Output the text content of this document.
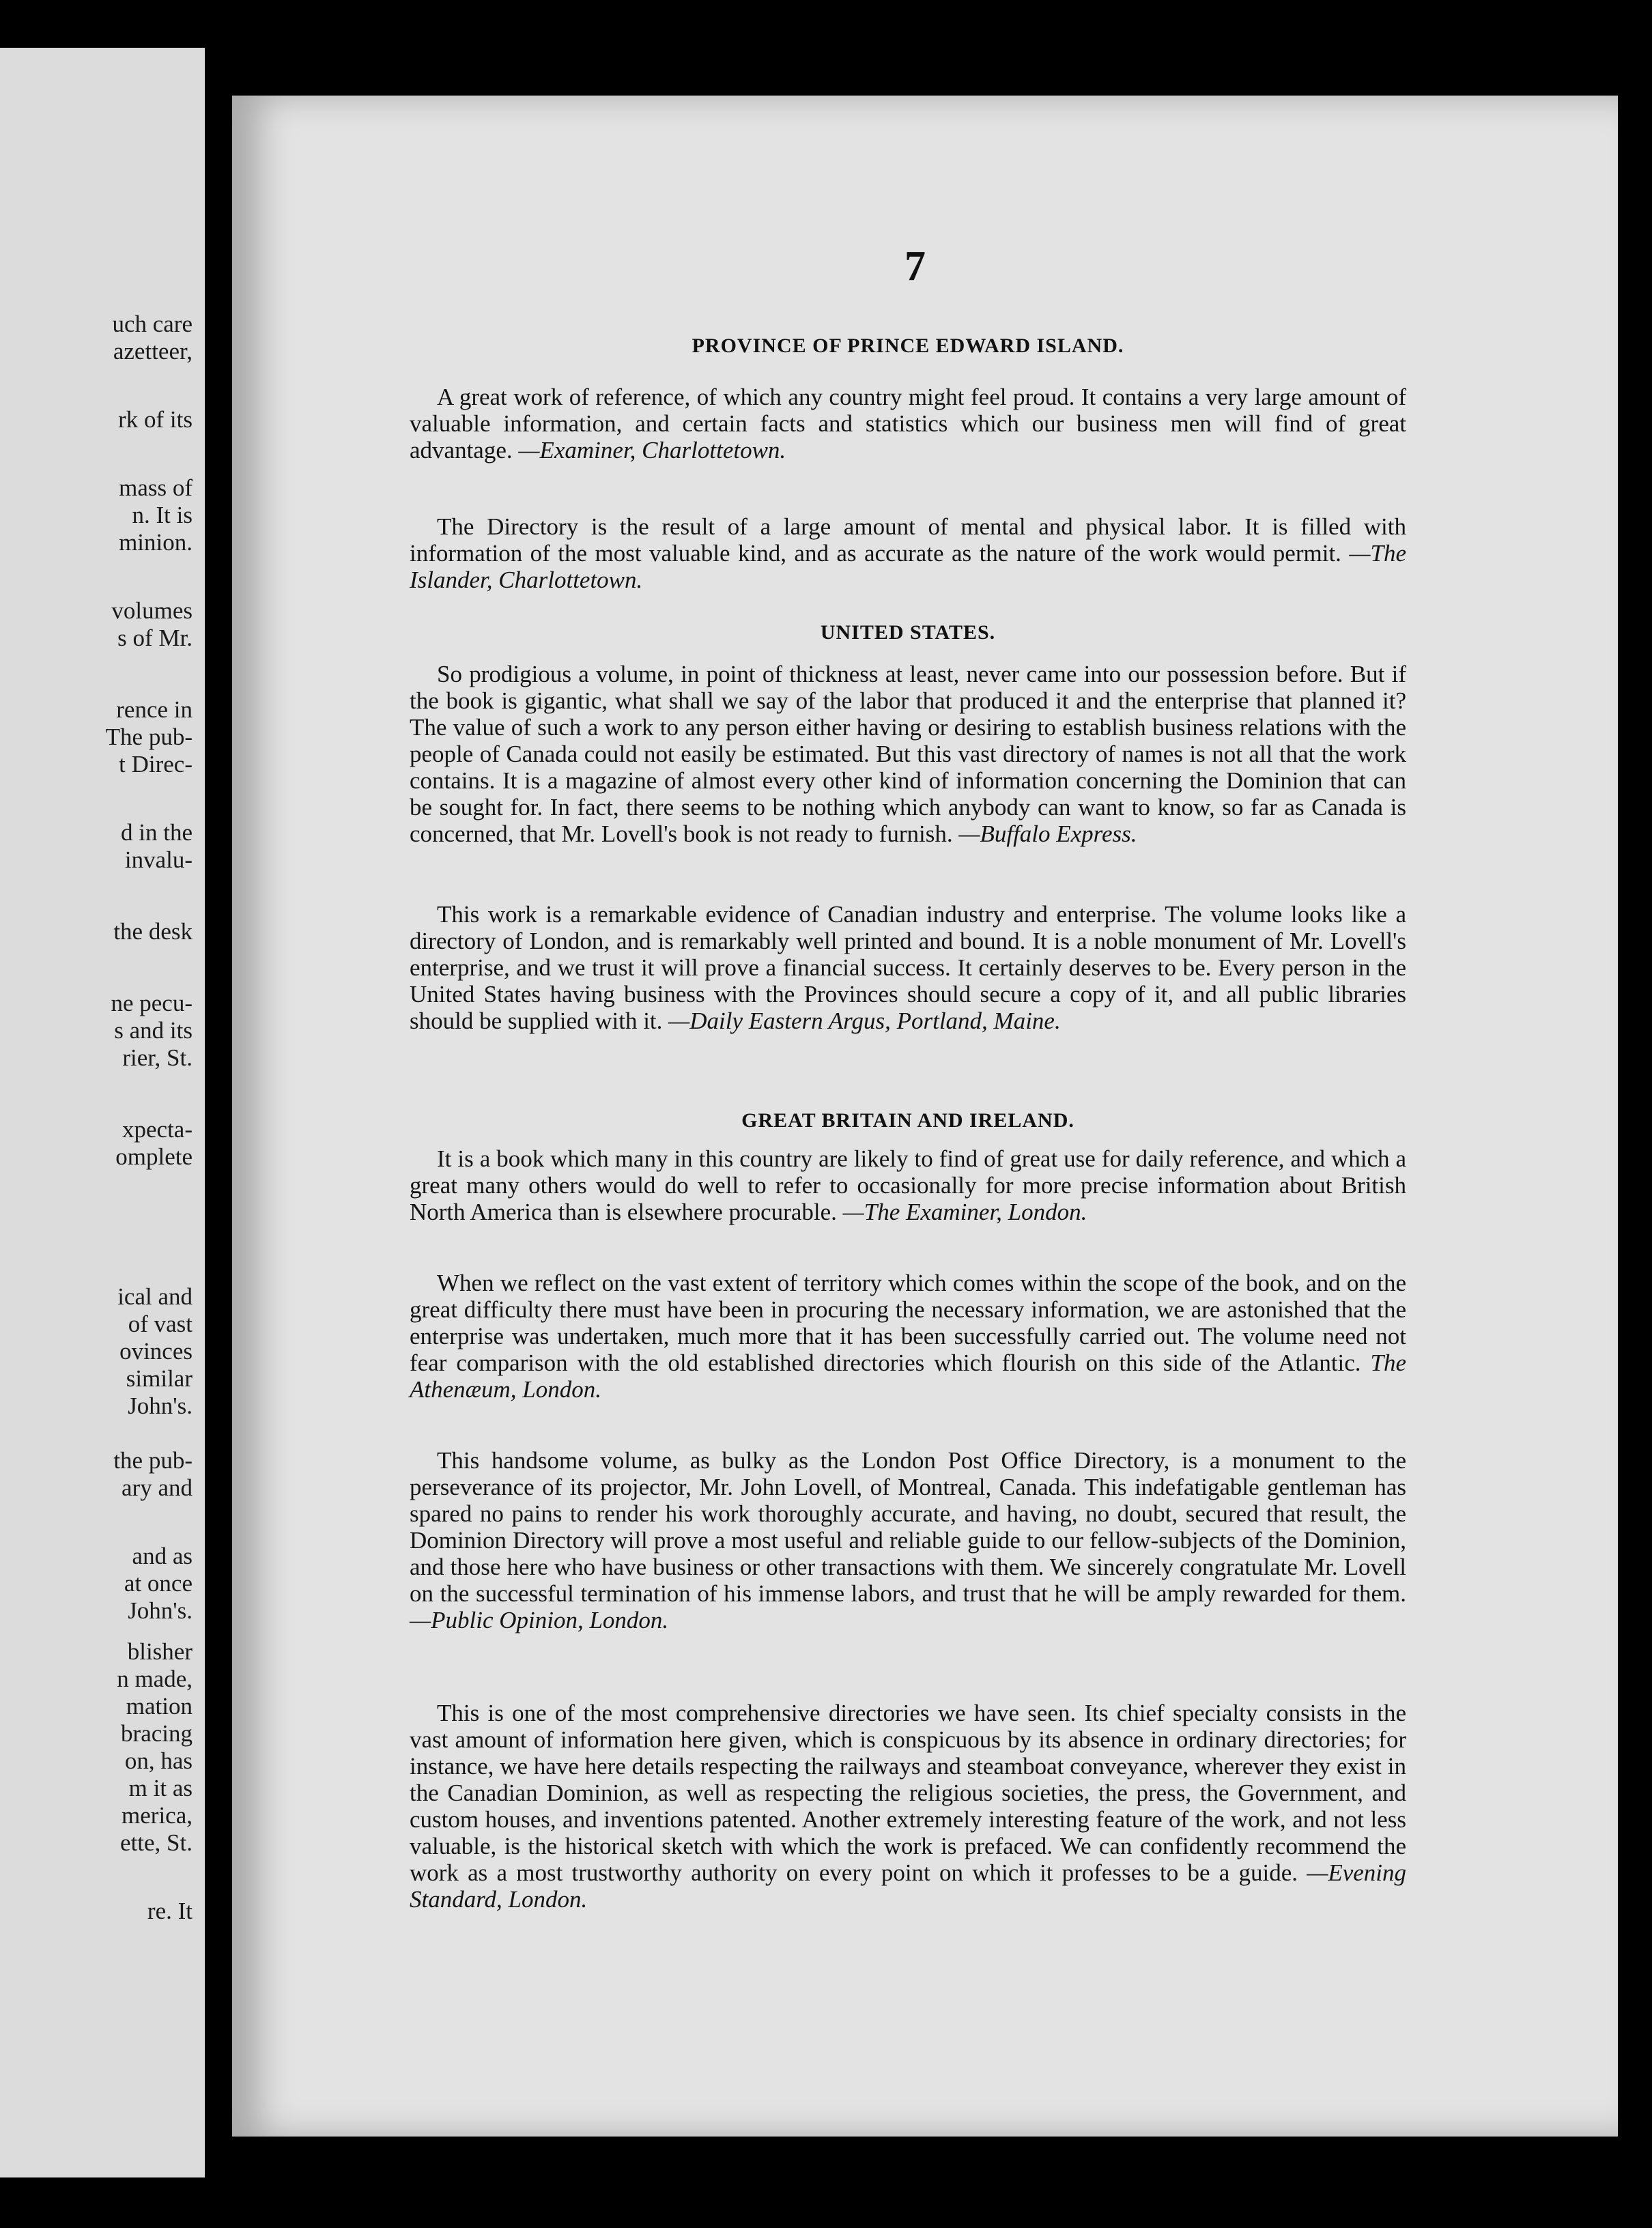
uch care
azetteer,
rk of its
mass of
n. It is
minion.
volumes
s of Mr.
rence in
The pub-
t Direc-
d in the
invalu-
the desk
ne pecu-
s and its
rier, St.
xpecta-
omplete
ical and
of vast
ovinces
similar
John's.
the pub-
ary and
and as
at once
John's.
blisher
n made,
mation
bracing
on, has
m it as
merica,
ette, St.
re. It
7
PROVINCE OF PRINCE EDWARD ISLAND.

A great work of reference, of which any country might feel proud. It contains a very large amount of valuable information, and certain facts and statistics which our business men will find of great advantage. —Examiner, Charlottetown.

The Directory is the result of a large amount of mental and physical labor. It is filled with information of the most valuable kind, and as accurate as the nature of the work would permit. —The Islander, Charlottetown.

UNITED STATES.

So prodigious a volume, in point of thickness at least, never came into our possession before. But if the book is gigantic, what shall we say of the labor that produced it and the enterprise that planned it? The value of such a work to any person either having or desiring to establish business relations with the people of Canada could not easily be estimated. But this vast directory of names is not all that the work contains. It is a magazine of almost every other kind of information concerning the Dominion that can be sought for. In fact, there seems to be nothing which anybody can want to know, so far as Canada is concerned, that Mr. Lovell's book is not ready to furnish. —Buffalo Express.

This work is a remarkable evidence of Canadian industry and enterprise. The volume looks like a directory of London, and is remarkably well printed and bound. It is a noble monument of Mr. Lovell's enterprise, and we trust it will prove a financial success. It certainly deserves to be. Every person in the United States having business with the Provinces should secure a copy of it, and all public libraries should be supplied with it. —Daily Eastern Argus, Portland, Maine.

GREAT BRITAIN AND IRELAND.

It is a book which many in this country are likely to find of great use for daily reference, and which a great many others would do well to refer to occasionally for more precise information about British North America than is elsewhere procurable. —The Examiner, London.

When we reflect on the vast extent of territory which comes within the scope of the book, and on the great difficulty there must have been in procuring the necessary information, we are astonished that the enterprise was undertaken, much more that it has been successfully carried out. The volume need not fear comparison with the old established directories which flourish on this side of the Atlantic. The Athenæum, London.

This handsome volume, as bulky as the London Post Office Directory, is a monument to the perseverance of its projector, Mr. John Lovell, of Montreal, Canada. This indefatigable gentleman has spared no pains to render his work thoroughly accurate, and having, no doubt, secured that result, the Dominion Directory will prove a most useful and reliable guide to our fellow-subjects of the Dominion, and those here who have business or other transactions with them. We sincerely congratulate Mr. Lovell on the successful termination of his immense labors, and trust that he will be amply rewarded for them. —Public Opinion, London.

This is one of the most comprehensive directories we have seen. Its chief specialty consists in the vast amount of information here given, which is conspicuous by its absence in ordinary directories; for instance, we have here details respecting the railways and steamboat conveyance, wherever they exist in the Canadian Dominion, as well as respecting the religious societies, the press, the Government, and custom houses, and inventions patented. Another extremely interesting feature of the work, and not less valuable, is the historical sketch with which the work is prefaced. We can confidently recommend the work as a most trustworthy authority on every point on which it professes to be a guide. —Evening Standard, London.
